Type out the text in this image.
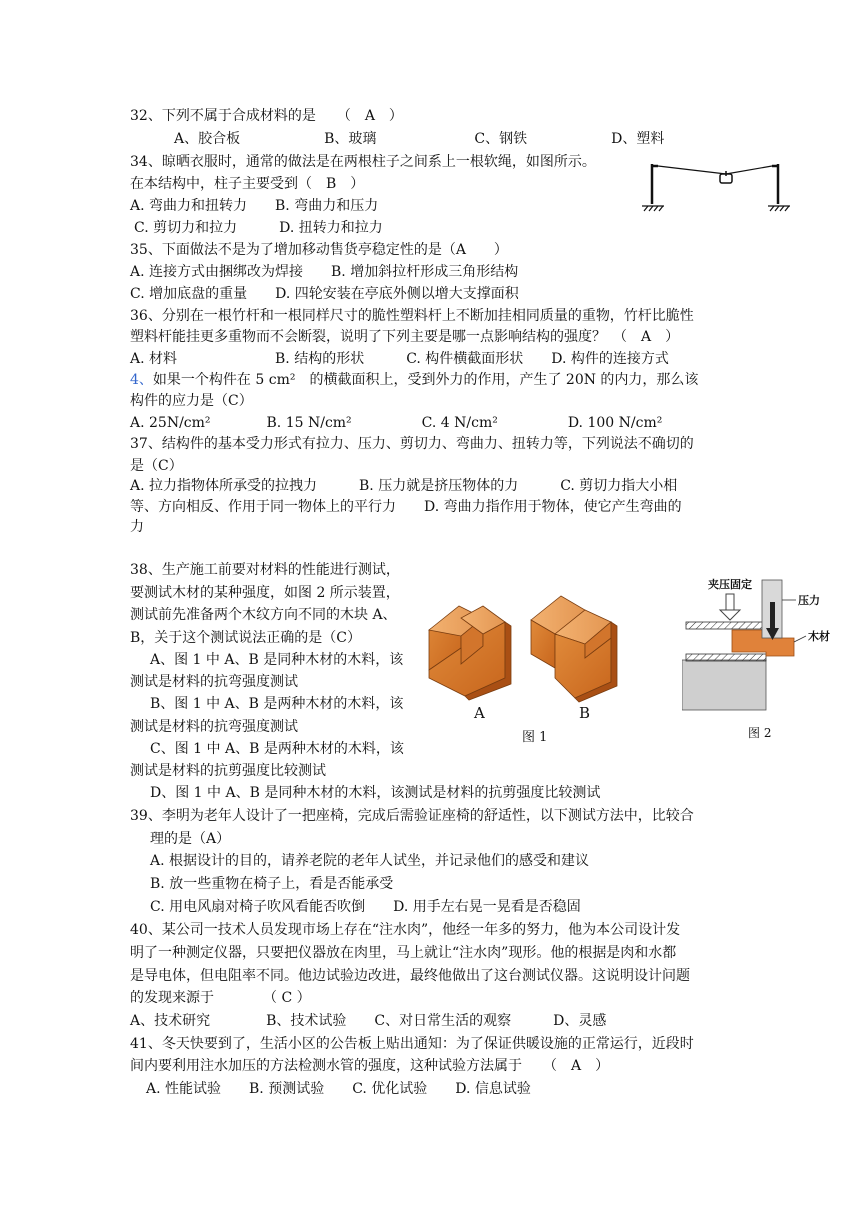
32、下列不属于合成材料的是　　（　A　）
A、胶合板　　　　　　B、玻璃　　　　　　　C、钢铁　　　　　　D、塑料
34、晾晒衣服时，通常的做法是在两根柱子之间系上一根软绳，如图所示。
在本结构中，柱子主要受到（　B　）
A. 弯曲力和扭转力　　B. 弯曲力和压力
C. 剪切力和拉力　　　D. 扭转力和拉力
35、下面做法不是为了增加移动售货亭稳定性的是（A　　）
A. 连接方式由捆绑改为焊接　　B. 增加斜拉杆形成三角形结构
C. 增加底盘的重量　　D. 四轮安装在亭底外侧以增大支撑面积
36、分别在一根竹杆和一根同样尺寸的脆性塑料杆上不断加挂相同质量的重物，竹杆比脆性
塑料杆能挂更多重物而不会断裂，说明了下列主要是哪一点影响结构的强度？　（　A　）
A. 材料　　　　　　　B. 结构的形状　　　C. 构件横截面形状　　D. 构件的连接方式
4、如果一个构件在 5 cm²　的横截面积上，受到外力的作用，产生了 20N 的内力，那么该
构件的应力是（C）
A. 25N/cm²　　　　B. 15 N/cm²　　　　　C. 4 N/cm²　　　　　D. 100 N/cm²
37、结构件的基本受力形式有拉力、压力、剪切力、弯曲力、扭转力等，下列说法不确切的
是（C）
A. 拉力指物体所承受的拉拽力　　　B. 压力就是挤压物体的力　　　C. 剪切力指大小相
等、方向相反、作用于同一物体上的平行力　　D. 弯曲力指作用于物体，使它产生弯曲的
力
38、生产施工前要对材料的性能进行测试，
要测试木材的某种强度，如图 2 所示装置，
测试前先准备两个木纹方向不同的木块 A、
B，关于这个测试说法正确的是（C）
A、图 1 中 A、B 是同种木材的木料，该
测试是材料的抗弯强度测试
B、图 1 中 A、B 是两种木材的木料，该
测试是材料的抗弯强度测试
C、图 1 中 A、B 是两种木材的木料，该
测试是材料的抗剪强度比较测试
D、图 1 中 A、B 是同种木材的木料，该测试是材料的抗剪强度比较测试
39、李明为老年人设计了一把座椅，完成后需验证座椅的舒适性，以下测试方法中，比较合
理的是（A）
A. 根据设计的目的，请养老院的老年人试坐，并记录他们的感受和建议
B. 放一些重物在椅子上，看是否能承受
C. 用电风扇对椅子吹风看能否吹倒　　D. 用手左右晃一晃看是否稳固
40、某公司一技术人员发现市场上存在“注水肉”，他经一年多的努力，他为本公司设计发
明了一种测定仪器，只要把仪器放在肉里，马上就让“注水肉”现形。他的根据是肉和水都
是导电体，但电阻率不同。他边试验边改进，最终他做出了这台测试仪器。这说明设计问题
的发现来源于　　　　（ C ）
A、技术研究　　　　B、技术试验　　C、对日常生活的观察　　　D、灵感
41、冬天快要到了，生活小区的公告板上贴出通知：为了保证供暖设施的正常运行，近段时
间内要利用注水加压的方法检测水管的强度，这种试验方法属于　　（　A　）
A. 性能试验　　B. 预测试验　　C. 优化试验　　D. 信息试验
A	B
图 1
夹压固定
压力
木材
图 2
